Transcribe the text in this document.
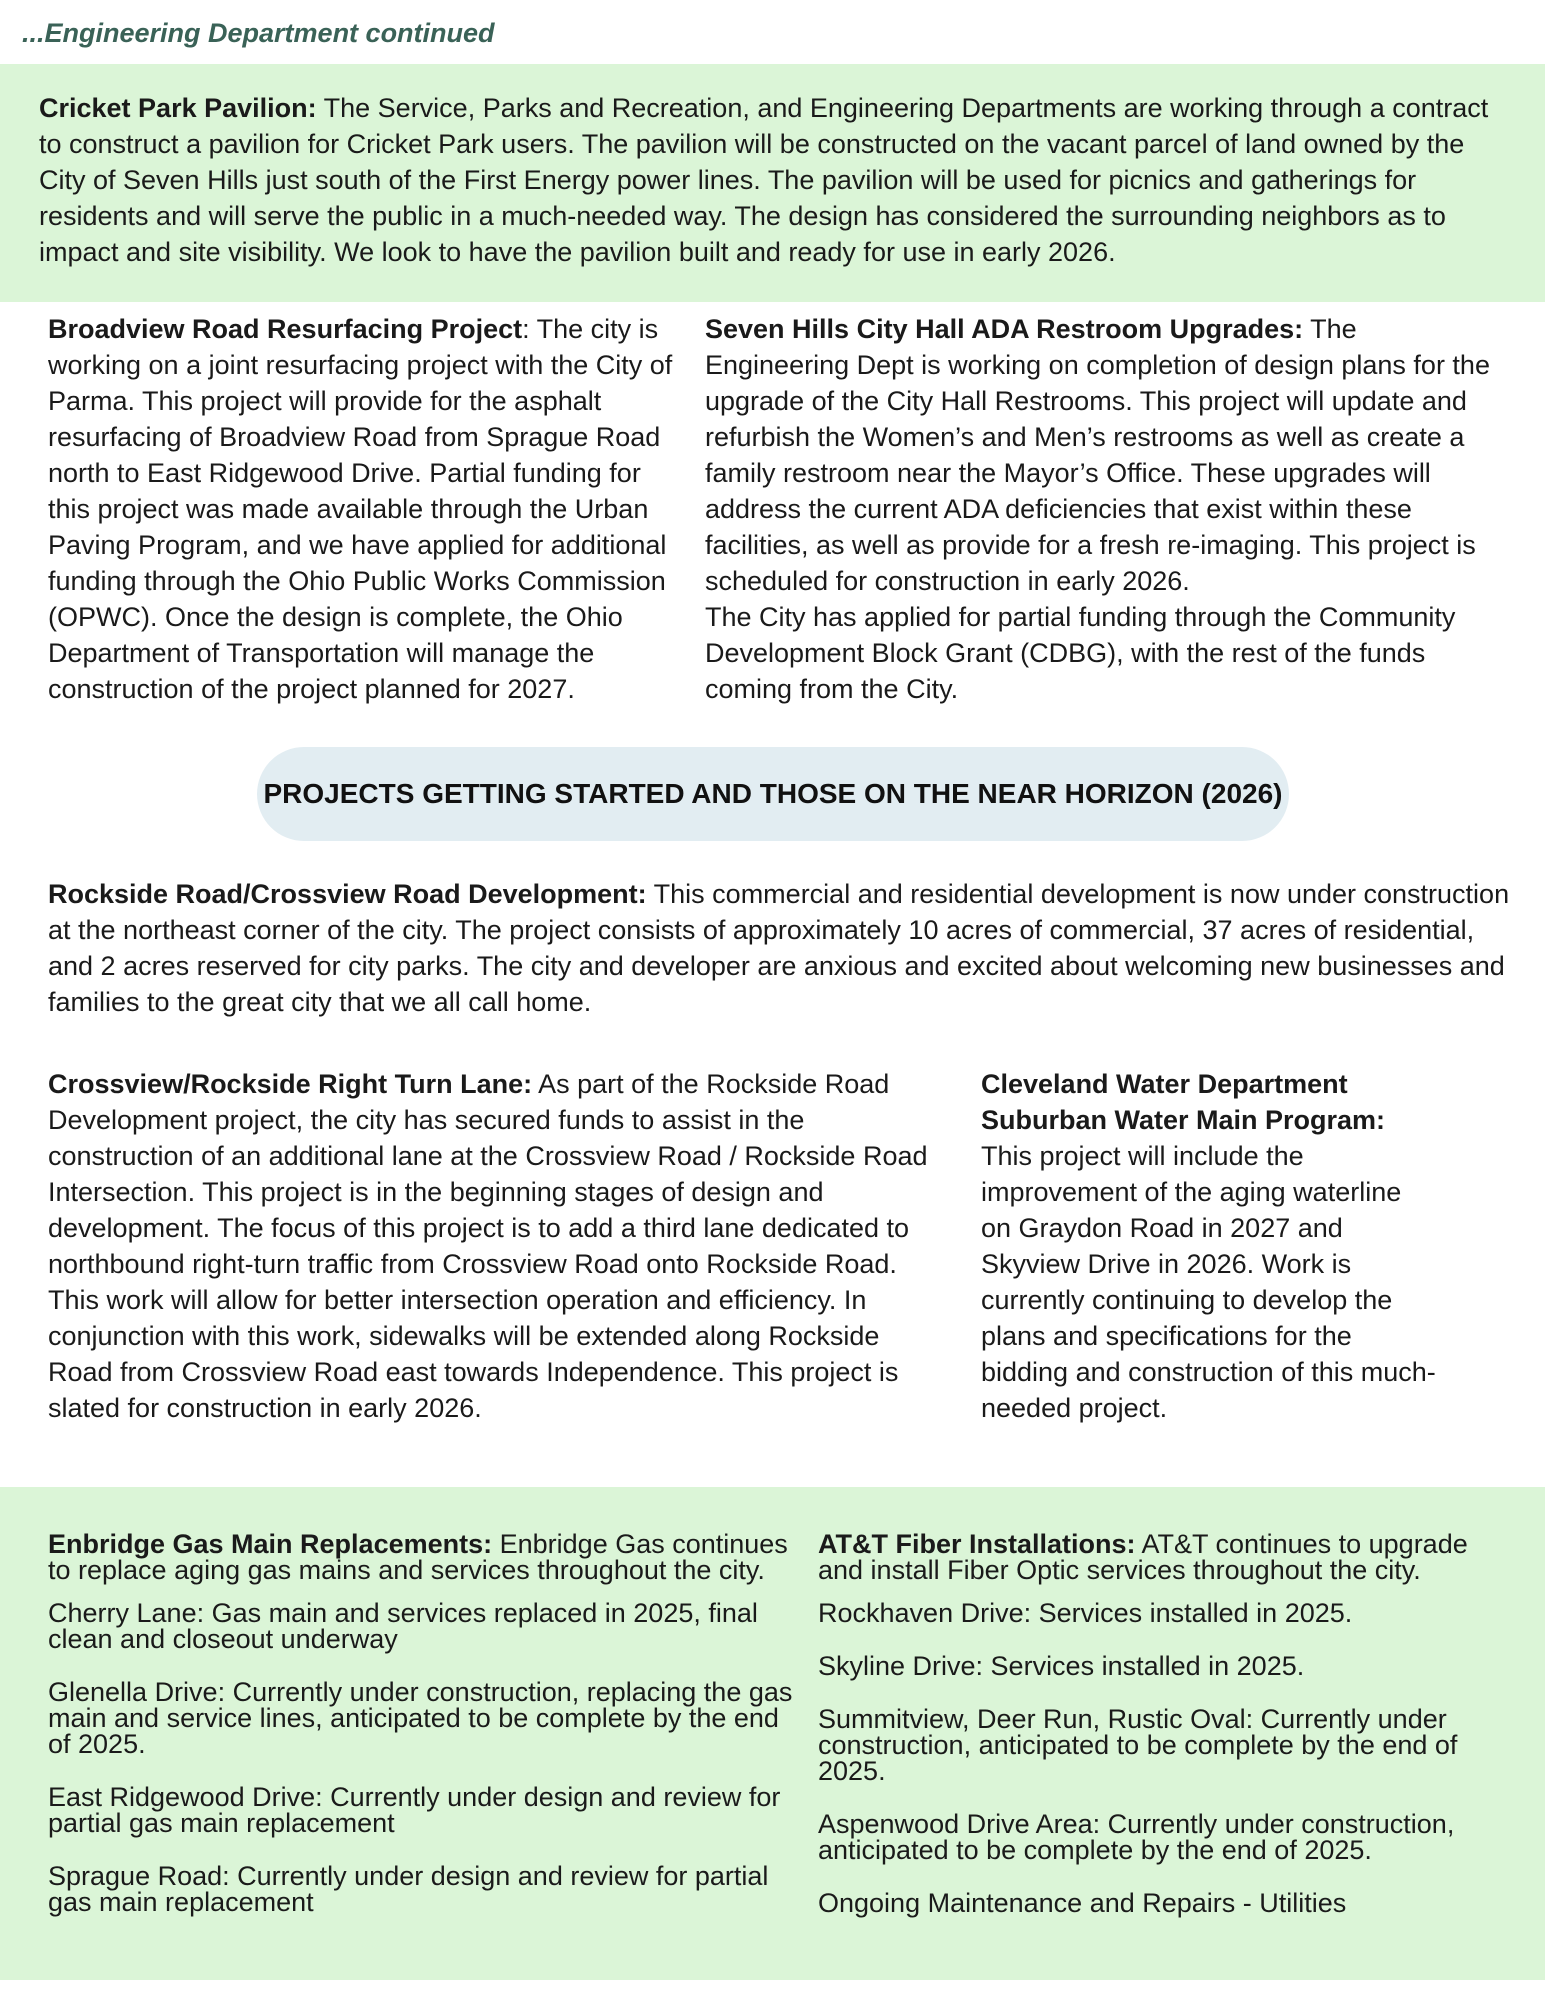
...Engineering Department continued

Cricket Park Pavilion: The Service, Parks and Recreation, and Engineering Departments are working through a contract to construct a pavilion for Cricket Park users. The pavilion will be constructed on the vacant parcel of land owned by the City of Seven Hills just south of the First Energy power lines. The pavilion will be used for picnics and gatherings for residents and will serve the public in a much-needed way. The design has considered the surrounding neighbors as to impact and site visibility. We look to have the pavilion built and ready for use in early 2026.

Broadview Road Resurfacing Project: The city is working on a joint resurfacing project with the City of Parma. This project will provide for the asphalt resurfacing of Broadview Road from Sprague Road north to East Ridgewood Drive. Partial funding for this project was made available through the Urban Paving Program, and we have applied for additional funding through the Ohio Public Works Commission (OPWC). Once the design is complete, the Ohio Department of Transportation will manage the construction of the project planned for 2027.

Seven Hills City Hall ADA Restroom Upgrades: The Engineering Dept is working on completion of design plans for the upgrade of the City Hall Restrooms. This project will update and refurbish the Women’s and Men’s restrooms as well as create a family restroom near the Mayor’s Office. These upgrades will address the current ADA deficiencies that exist within these facilities, as well as provide for a fresh re-imaging. This project is scheduled for construction in early 2026.

The City has applied for partial funding through the Community Development Block Grant (CDBG), with the rest of the funds coming from the City.

PROJECTS GETTING STARTED AND THOSE ON THE NEAR HORIZON (2026)

Rockside Road/Crossview Road Development: This commercial and residential development is now under construction at the northeast corner of the city. The project consists of approximately 10 acres of commercial, 37 acres of residential, and 2 acres reserved for city parks. The city and developer are anxious and excited about welcoming new businesses and families to the great city that we all call home.

Crossview/Rockside Right Turn Lane: As part of the Rockside Road Development project, the city has secured funds to assist in the construction of an additional lane at the Crossview Road / Rockside Road Intersection. This project is in the beginning stages of design and development. The focus of this project is to add a third lane dedicated to northbound right-turn traffic from Crossview Road onto Rockside Road. This work will allow for better intersection operation and efficiency. In conjunction with this work, sidewalks will be extended along Rockside Road from Crossview Road east towards Independence. This project is slated for construction in early 2026.

Cleveland Water Department Suburban Water Main Program:

This project will include the improvement of the aging waterline on Graydon Road in 2027 and Skyview Drive in 2026. Work is currently continuing to develop the plans and specifications for the bidding and construction of this much-needed project.

Enbridge Gas Main Replacements: Enbridge Gas continues to replace aging gas mains and services throughout the city.

Cherry Lane: Gas main and services replaced in 2025, final clean and closeout underway

Glenella Drive: Currently under construction, replacing the gas main and service lines, anticipated to be complete by the end of 2025.

East Ridgewood Drive: Currently under design and review for partial gas main replacement

Sprague Road: Currently under design and review for partial gas main replacement

AT&T Fiber Installations: AT&T continues to upgrade and install Fiber Optic services throughout the city.

Rockhaven Drive: Services installed in 2025.

Skyline Drive: Services installed in 2025.

Summitview, Deer Run, Rustic Oval: Currently under construction, anticipated to be complete by the end of 2025.

Aspenwood Drive Area: Currently under construction, anticipated to be complete by the end of 2025.

Ongoing Maintenance and Repairs - Utilities
